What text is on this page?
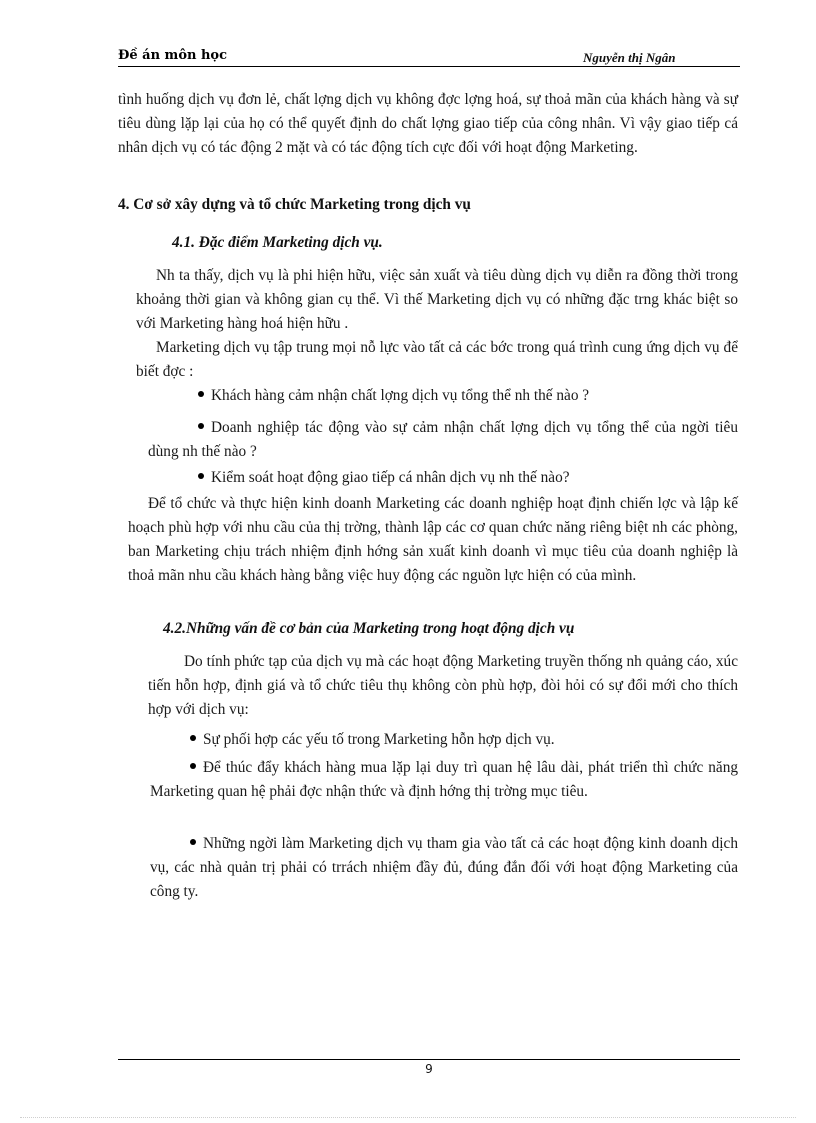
Đề án môn học	Nguyễn thị Ngân

tình huống dịch vụ đơn lẻ, chất lợng dịch vụ không đợc lợng hoá, sự thoả mãn của khách hàng và sự tiêu dùng lặp lại của họ có thể quyết định do chất lợng giao tiếp của công nhân. Vì vậy giao tiếp cá nhân dịch vụ có tác động 2 mặt và có tác động tích cực đối với hoạt động Marketing.

4. Cơ sở xây dựng và tổ chức Marketing trong dịch vụ
4.1. Đặc điểm Marketing dịch vụ.

Nh ta thấy, dịch vụ là phi hiện hữu, việc sản xuất và tiêu dùng dịch vụ diễn ra đồng thời trong khoảng thời gian và không gian cụ thể. Vì thế Marketing dịch vụ có những đặc trng khác biệt so với Marketing hàng hoá hiện hữu .

Marketing dịch vụ tập trung mọi nỗ lực vào tất cả các bớc trong quá trình cung ứng dịch vụ để biết đợc :

Khách hàng cảm nhận chất lợng dịch vụ tổng thể nh thế nào ?

Doanh nghiệp tác động vào sự cảm nhận chất lợng dịch vụ tổng thể của ngời tiêu dùng nh thế nào ?

Kiểm soát hoạt động giao tiếp cá nhân dịch vụ nh thế nào?

Để tổ chức và thực hiện kinh doanh Marketing các doanh nghiệp hoạt định chiến lợc và lập kế hoạch phù hợp với nhu cầu của thị trờng, thành lập các cơ quan chức năng riêng biệt nh các phòng, ban Marketing chịu trách nhiệm định hớng sản xuất kinh doanh vì mục tiêu của doanh nghiệp là thoả mãn nhu cầu khách hàng bằng việc huy động các nguồn lực hiện có của mình.

4.2.Những vấn đề cơ bản của Marketing trong hoạt động dịch vụ

Do tính phức tạp của dịch vụ mà các hoạt động Marketing truyền thống nh quảng cáo, xúc tiến hỗn hợp, định giá và tổ chức tiêu thụ không còn phù hợp, đòi hỏi có sự đổi mới cho thích hợp với dịch vụ:

Sự phối hợp các yếu tố trong Marketing hỗn hợp dịch vụ.

Để thúc đẩy khách hàng mua lặp lại duy trì quan hệ lâu dài, phát triển thì chức năng Marketing quan hệ phải đợc nhận thức và định hớng thị trờng mục tiêu.

Những ngời làm Marketing dịch vụ tham gia vào tất cả các hoạt động kinh doanh dịch vụ, các nhà quản trị phải có trrách nhiệm đầy đủ, đúng đắn đối với hoạt động Marketing của công ty.

9
